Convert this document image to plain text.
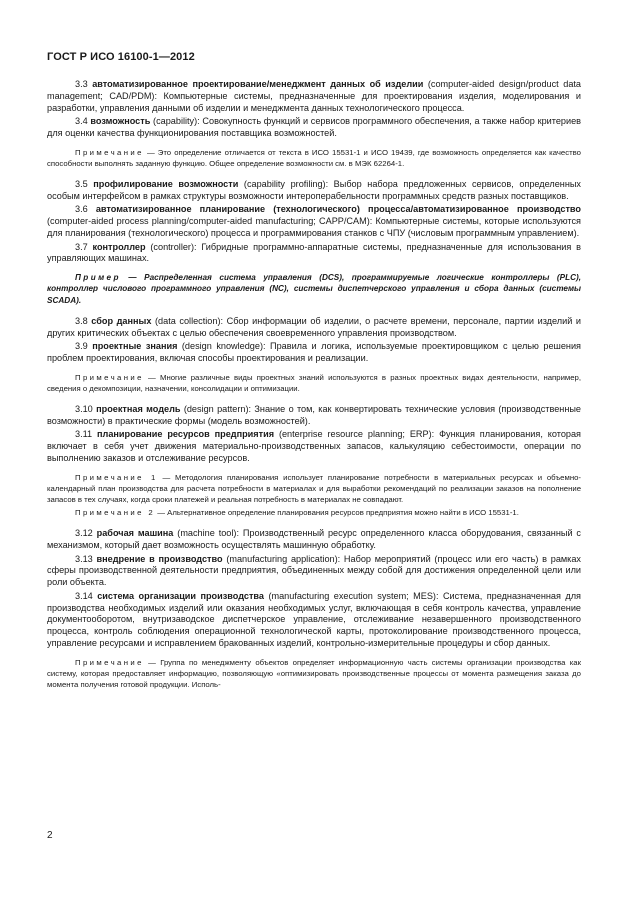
ГОСТ Р ИСО 16100-1—2012

3.3 автоматизированное проектирование/менеджмент данных об изделии (computer-aided design/product data management; CAD/PDM): Компьютерные системы, предназначенные для проектирования изделия, моделирования и разработки, управления данными об изделии и менеджмента данных технологического процесса.

3.4 возможность (capability): Совокупность функций и сервисов программного обеспечения, а также набор критериев для оценки качества функционирования поставщика возможностей.

Примечание — Это определение отличается от текста в ИСО 15531-1 и ИСО 19439, где возможность определяется как качество способности выполнять заданную функцию. Общее определение возможности см. в МЭК 62264-1.

3.5 профилирование возможности (capability profiling): Выбор набора предложенных сервисов, определенных особым интерфейсом в рамках структуры возможности интероперабельности программных средств разных поставщиков.

3.6 автоматизированное планирование (технологического) процесса/автоматизированное производство (computer-aided process planning/computer-aided manufacturing; CAPP/CAM): Компьютерные системы, которые используются для планирования (технологического) процесса и программирования станков с ЧПУ (числовым программным управлением).

3.7 контроллер (controller): Гибридные программно-аппаратные системы, предназначенные для использования в управляющих машинах.

Пример — Распределенная система управления (DCS), программируемые логические контроллеры (PLC), контроллер числового программного управления (NC), системы диспетчерского управления и сбора данных (системы SCADA).

3.8 сбор данных (data collection): Сбор информации об изделии, о расчете времени, персонале, партии изделий и других критических объектах с целью обеспечения своевременного управления производством.

3.9 проектные знания (design knowledge): Правила и логика, используемые проектировщиком с целью решения проблем проектирования, включая способы проектирования и реализации.

Примечание — Многие различные виды проектных знаний используются в разных проектных видах деятельности, например, сведения о декомпозиции, назначении, консолидации и оптимизации.

3.10 проектная модель (design pattern): Знание о том, как конвертировать технические условия (производственные возможности) в практические формы (модель возможностей).

3.11 планирование ресурсов предприятия (enterprise resource planning; ERP): Функция планирования, которая включает в себя учет движения материально-производственных запасов, калькуляцию себестоимости, операции по выполнению заказов и отслеживание ресурсов.

Примечание 1 — Методология планирования использует планирование потребности в материальных ресурсах и объемно-календарный план производства для расчета потребности в материалах и для выработки рекомендаций по реализации заказов на пополнение запасов в тех случаях, когда сроки платежей и реальная потребность в материалах не совпадают.

Примечание 2 — Альтернативное определение планирования ресурсов предприятия можно найти в ИСО 15531-1.

3.12 рабочая машина (machine tool): Производственный ресурс определенного класса оборудования, связанный с механизмом, который дает возможность осуществлять машинную обработку.

3.13 внедрение в производство (manufacturing application): Набор мероприятий (процесс или его часть) в рамках сферы производственной деятельности предприятия, объединенных между собой для достижения определенной цели или роли объекта.

3.14 система организации производства (manufacturing execution system; MES): Система, предназначенная для производства необходимых изделий или оказания необходимых услуг, включающая в себя контроль качества, управление документооборотом, внутризаводское диспетчерское управление, отслеживание незавершенного производственного процесса, контроль соблюдения операционной технологической карты, протоколирование производственного процесса, управление ресурсами и исправлением бракованных изделий, контрольно-измерительные процедуры и сбор данных.

Примечание — Группа по менеджменту объектов определяет информационную часть системы организации производства как систему, которая предоставляет информацию, позволяющую «оптимизировать производственные процессы от момента размещения заказа до момента получения готовой продукции. Исполь-

2
